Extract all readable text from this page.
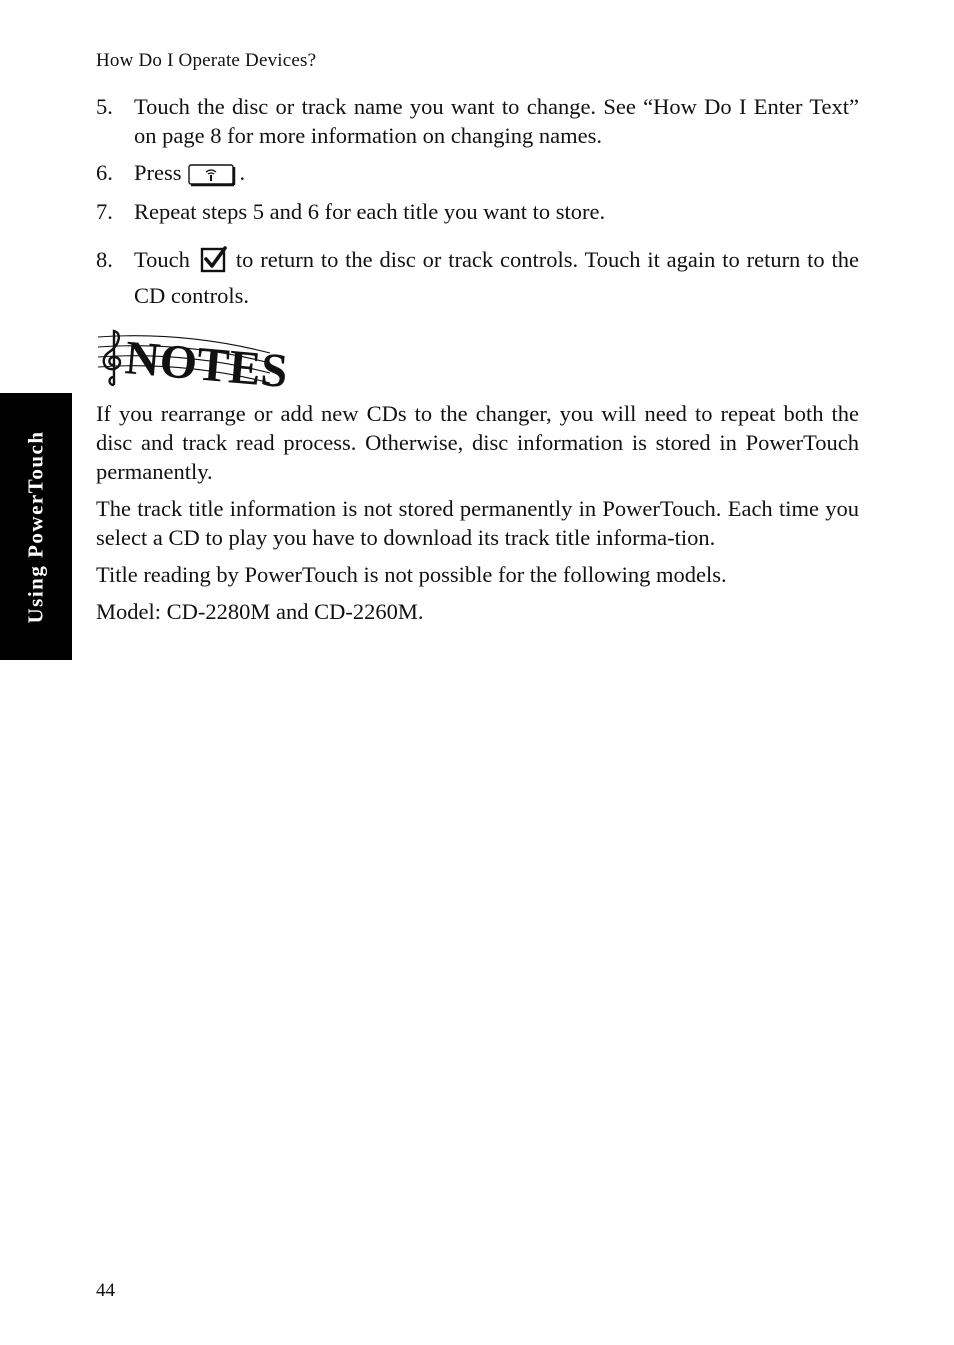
How Do I Operate Devices?
Using PowerTouch
5. Touch the disc or track name you want to change. See “How Do I Enter Text” on page 8 for more information on changing names.
6. Press	.
7. Repeat steps 5 and 6 for each title you want to store.
8. Touch to return to the disc or track controls. Touch it again to return to the CD controls.
NOTES

If you rearrange or add new CDs to the changer, you will need to repeat both the disc and track read process. Otherwise, disc information is stored in PowerTouch permanently.

The track title information is not stored permanently in PowerTouch. Each time you select a CD to play you have to download its track title informa-tion.

Title reading by PowerTouch is not possible for the following models.

Model: CD-2280M and CD-2260M.

44
